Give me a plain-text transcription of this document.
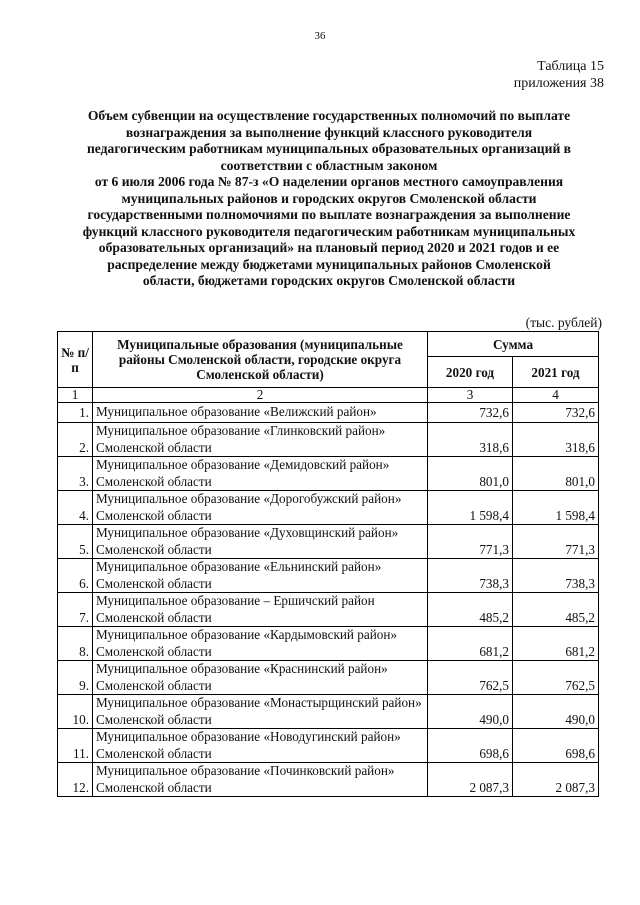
36
Таблица 15
приложения 38
Объем субвенции на осуществление государственных полномочий по выплате
вознаграждения за выполнение функций классного руководителя
педагогическим работникам муниципальных образовательных организаций в
соответствии с областным законом
от 6 июля 2006 года № 87-з «О наделении органов местного самоуправления
муниципальных районов и городских округов Смоленской области
государственными полномочиями по выплате вознаграждения за выполнение
функций классного руководителя педагогическим работникам муниципальных
образовательных организаций» на плановый период 2020 и 2021 годов и ее
распределение между бюджетами муниципальных районов Смоленской
области, бюджетами городских округов Смоленской области
(тыс. рублей)
№ п/п	Муниципальные образования (муниципальные районы Смоленской области, городские округа Смоленской области)	Сумма	
		2020 год	2021 год
1	2	3	4
1.	Муниципальное образование «Велижский район»	732,6	732,6
2.	Муниципальное образование «Глинковский район» Смоленской области	318,6	318,6
3.	Муниципальное образование «Демидовский район» Смоленской области	801,0	801,0
4.	Муниципальное образование «Дорогобужский район» Смоленской области	1 598,4	1 598,4
5.	Муниципальное образование «Духовщинский район» Смоленской области	771,3	771,3
6.	Муниципальное образование «Ельнинский район» Смоленской области	738,3	738,3
7.	Муниципальное образование – Ершичский район Смоленской области	485,2	485,2
8.	Муниципальное образование «Кардымовский район» Смоленской области	681,2	681,2
9.	Муниципальное образование «Краснинский район» Смоленской области	762,5	762,5
10.	Муниципальное образование «Монастырщинский район» Смоленской области	490,0	490,0
11.	Муниципальное образование «Новодугинский район» Смоленской области	698,6	698,6
12.	Муниципальное образование «Починковский район» Смоленской области	2 087,3	2 087,3
